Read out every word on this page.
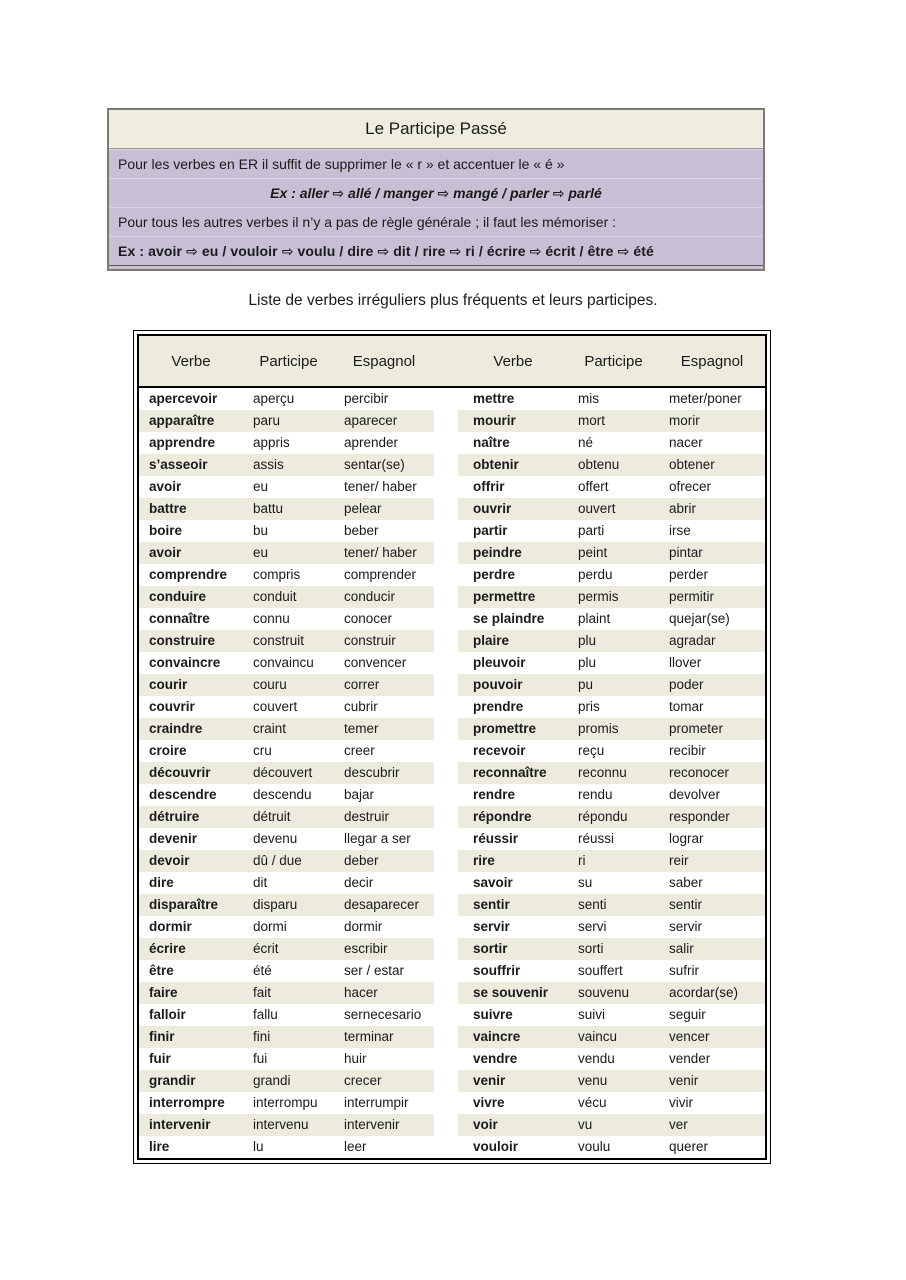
Le Participe Passé
Pour les verbes en ER il suffit de supprimer le « r » et accentuer le « é »
Ex : aller ⇨ allé / manger ⇨ mangé / parler ⇨ parlé
Pour tous les autres verbes il n’y a pas de règle générale ; il faut les mémoriser :
Ex : avoir ⇨ eu / vouloir ⇨ voulu / dire ⇨ dit / rire ⇨ ri / écrire ⇨ écrit / être ⇨ été
Liste de verbes irréguliers plus fréquents et leurs participes.
Verbe	Participe	Espagnol	Verbe	Participe	Espagnol
apercevoir	aperçu	percibir	mettre	mis	meter/poner
apparaître	paru	aparecer	mourir	mort	morir
apprendre	appris	aprender	naître	né	nacer
s’asseoir	assis	sentar(se)	obtenir	obtenu	obtener
avoir	eu	tener/ haber	offrir	offert	ofrecer
battre	battu	pelear	ouvrir	ouvert	abrir
boire	bu	beber	partir	parti	irse
avoir	eu	tener/ haber	peindre	peint	pintar
comprendre	compris	comprender	perdre	perdu	perder
conduire	conduit	conducir	permettre	permis	permitir
connaître	connu	conocer	se plaindre	plaint	quejar(se)
construire	construit	construir	plaire	plu	agradar
convaincre	convaincu	convencer	pleuvoir	plu	llover
courir	couru	correr	pouvoir	pu	poder
couvrir	couvert	cubrir	prendre	pris	tomar
craindre	craint	temer	promettre	promis	prometer
croire	cru	creer	recevoir	reçu	recibir
découvrir	découvert	descubrir	reconnaître	reconnu	reconocer
descendre	descendu	bajar	rendre	rendu	devolver
détruire	détruit	destruir	répondre	répondu	responder
devenir	devenu	llegar a ser	réussir	réussi	lograr
devoir	dû / due	deber	rire	ri	reir
dire	dit	decir	savoir	su	saber
disparaître	disparu	desaparecer	sentir	senti	sentir
dormir	dormi	dormir	servir	servi	servir
écrire	écrit	escribir	sortir	sorti	salir
être	été	ser / estar	souffrir	souffert	sufrir
faire	fait	hacer	se souvenir	souvenu	acordar(se)
falloir	fallu	sernecesario	suivre	suivi	seguir
finir	fini	terminar	vaincre	vaincu	vencer
fuir	fui	huir	vendre	vendu	vender
grandir	grandi	crecer	venir	venu	venir
interrompre	interrompu	interrumpir	vivre	vécu	vivir
intervenir	intervenu	intervenir	voir	vu	ver
lire	lu	leer	vouloir	voulu	querer
